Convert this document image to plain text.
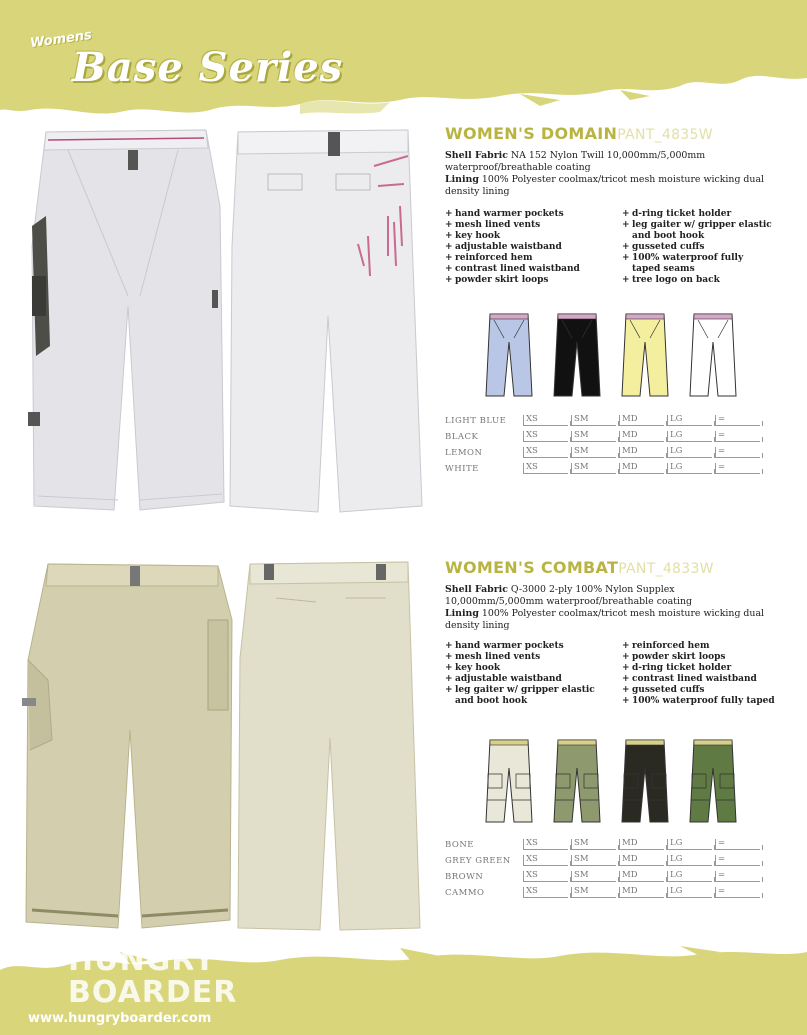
Womens
Base Series
WOMEN'S DOMAINPANT_4835W
Shell Fabric NA 152 Nylon Twill 10,000mm/5,000mm waterproof/breathable coating
Lining 100% Polyester coolmax/tricot mesh moisture wicking dual density lining
+ hand warmer pockets
+ mesh lined vents
+ key hook
+ adjustable waistband
+ reinforced hem
+ contrast lined waistband
+ powder skirt loops
+ d-ring ticket holder
+ leg gaiter w/ gripper elastic and boot hook
+ gusseted cuffs
+ 100% waterproof fully taped seams
+ tree logo on back
LIGHT BLUE	XS	SM	MD	LG	=
BLACK	XS	SM	MD	LG	=
LEMON	XS	SM	MD	LG	=
WHITE	XS	SM	MD	LG	=
WOMEN'S COMBATPANT_4833W
Shell Fabric Q-3000 2-ply 100% Nylon Supplex 10,000mm/5,000mm waterproof/breathable coating
Lining 100% Polyester coolmax/tricot mesh moisture wicking dual density lining
+ hand warmer pockets
+ mesh lined vents
+ key hook
+ adjustable waistband
+ leg gaiter w/ gripper elastic and boot hook
+ reinforced hem
+ powder skirt loops
+ d-ring ticket holder
+ contrast lined waistband
+ gusseted cuffs
+ 100% waterproof fully taped
BONE	XS	SM	MD	LG	=
GREY GREEN	XS	SM	MD	LG	=
BROWN	XS	SM	MD	LG	=
CAMMO	XS	SM	MD	LG	=
HUNGRY
BOARDER
www.hungryboarder.com
